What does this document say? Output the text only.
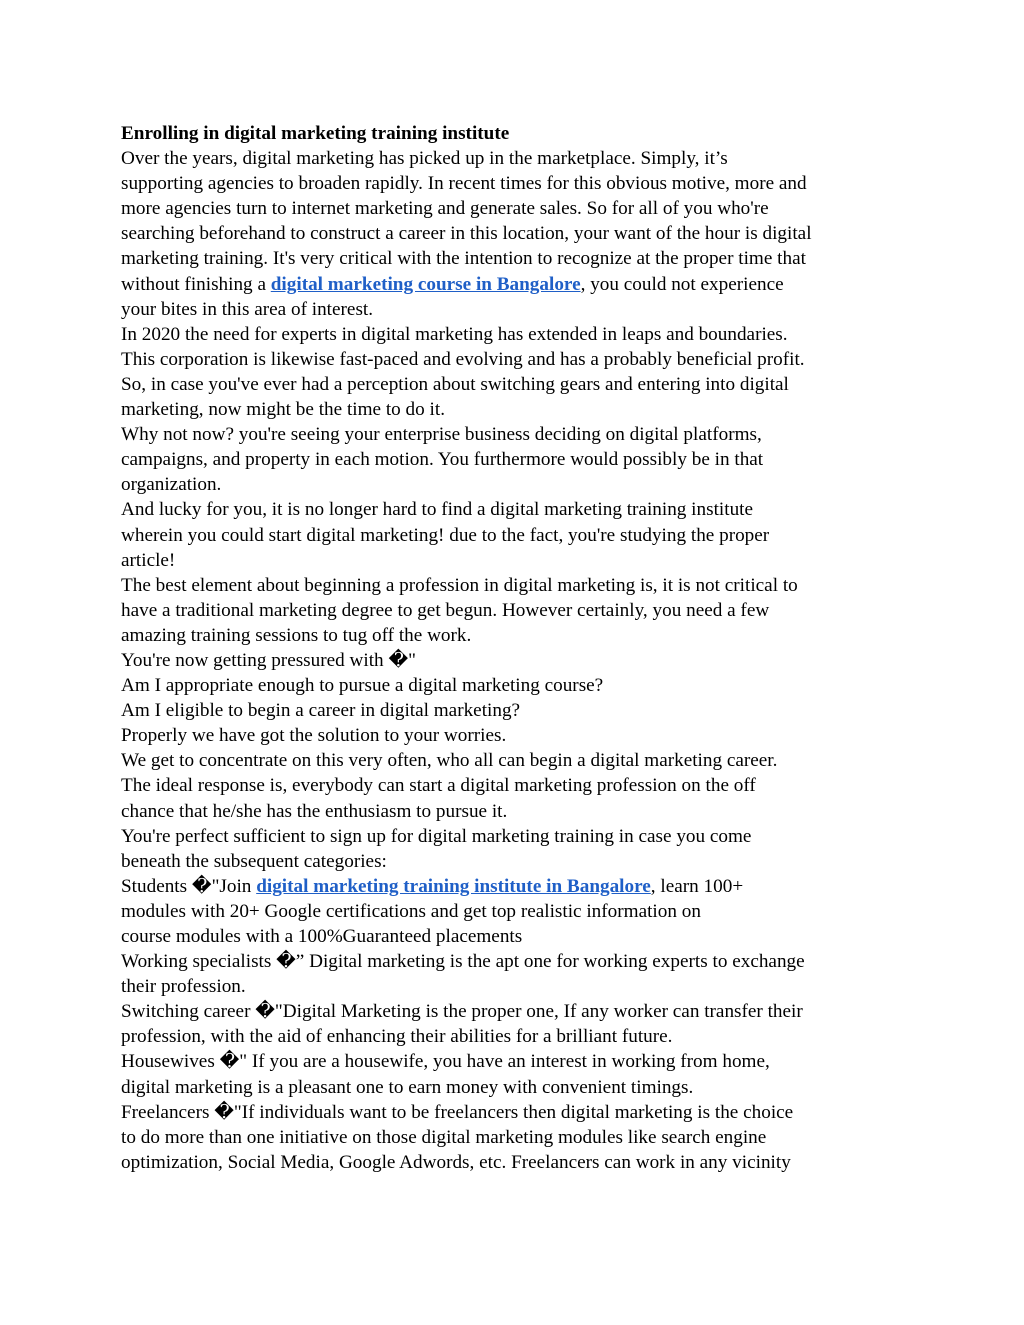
Enrolling in digital marketing training institute
Over the years, digital marketing has picked up in the marketplace. Simply, it’s
supporting agencies to broaden rapidly. In recent times for this obvious motive, more and
more agencies turn to internet marketing and generate sales. So for all of you who're
searching beforehand to construct a career in this location, your want of the hour is digital
marketing training. It's very critical with the intention to recognize at the proper time that
without finishing a digital marketing course in Bangalore, you could not experience
your bites in this area of interest.
In 2020 the need for experts in digital marketing has extended in leaps and boundaries.
This corporation is likewise fast-paced and evolving and has a probably beneficial profit.
So, in case you've ever had a perception about switching gears and entering into digital
marketing, now might be the time to do it.
Why not now? you're seeing your enterprise business deciding on digital platforms,
campaigns, and property in each motion. You furthermore would possibly be in that
organization.
And lucky for you, it is no longer hard to find a digital marketing training institute
wherein you could start digital marketing! due to the fact, you're studying the proper
article!
The best element about beginning a profession in digital marketing is, it is not critical to
have a traditional marketing degree to get begun. However certainly, you need a few
amazing training sessions to tug off the work.
You're now getting pressured with �"
Am I appropriate enough to pursue a digital marketing course?
Am I eligible to begin a career in digital marketing?
Properly we have got the solution to your worries.
We get to concentrate on this very often, who all can begin a digital marketing career.
The ideal response is, everybody can start a digital marketing profession on the off
chance that he/she has the enthusiasm to pursue it.
You're perfect sufficient to sign up for digital marketing training in case you come
beneath the subsequent categories:
Students �"Join digital marketing training institute in Bangalore, learn 100+
modules with 20+ Google certifications and get top realistic information on
course modules with a 100%Guaranteed placements
Working specialists �” Digital marketing is the apt one for working experts to exchange
their profession.
Switching career �"Digital Marketing is the proper one, If any worker can transfer their
profession, with the aid of enhancing their abilities for a brilliant future.
Housewives �" If you are a housewife, you have an interest in working from home,
digital marketing is a pleasant one to earn money with convenient timings.
Freelancers �"If individuals want to be freelancers then digital marketing is the choice
to do more than one initiative on those digital marketing modules like search engine
optimization, Social Media, Google Adwords, etc. Freelancers can work in any vicinity
